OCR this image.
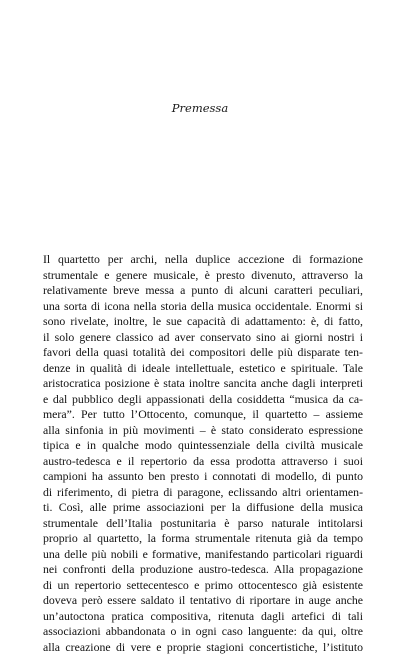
Premessa
Il quartetto per archi, nella duplice accezione di formazione
strumentale e genere musicale, è presto divenuto, attraverso la
relativamente breve messa a punto di alcuni caratteri peculiari,
una sorta di icona nella storia della musica occidentale. Enormi si
sono rivelate, inoltre, le sue capacità di adattamento: è, di fatto,
il solo genere classico ad aver conservato sino ai giorni nostri i
favori della quasi totalità dei compositori delle più disparate ten-
denze in qualità di ideale intellettuale, estetico e spirituale. Tale
aristocratica posizione è stata inoltre sancita anche dagli interpreti
e dal pubblico degli appassionati della cosiddetta “musica da ca-
mera”. Per tutto l’Ottocento, comunque, il quartetto – assieme
alla sinfonia in più movimenti – è stato considerato espressione
tipica e in qualche modo quintessenziale della civiltà musicale
austro-tedesca e il repertorio da essa prodotta attraverso i suoi
campioni ha assunto ben presto i connotati di modello, di punto
di riferimento, di pietra di paragone, eclissando altri orientamen-
ti. Così, alle prime associazioni per la diffusione della musica
strumentale dell’Italia postunitaria è parso naturale intitolarsi
proprio al quartetto, la forma strumentale ritenuta già da tempo
una delle più nobili e formative, manifestando particolari riguardi
nei confronti della produzione austro-tedesca. Alla propagazione
di un repertorio settecentesco e primo ottocentesco già esistente
doveva però essere saldato il tentativo di riportare in auge anche
un’autoctona pratica compositiva, ritenuta dagli artefici di tali
associazioni abbandonata o in ogni caso languente: da qui, oltre
alla creazione di vere e proprie stagioni concertistiche, l’istituto
